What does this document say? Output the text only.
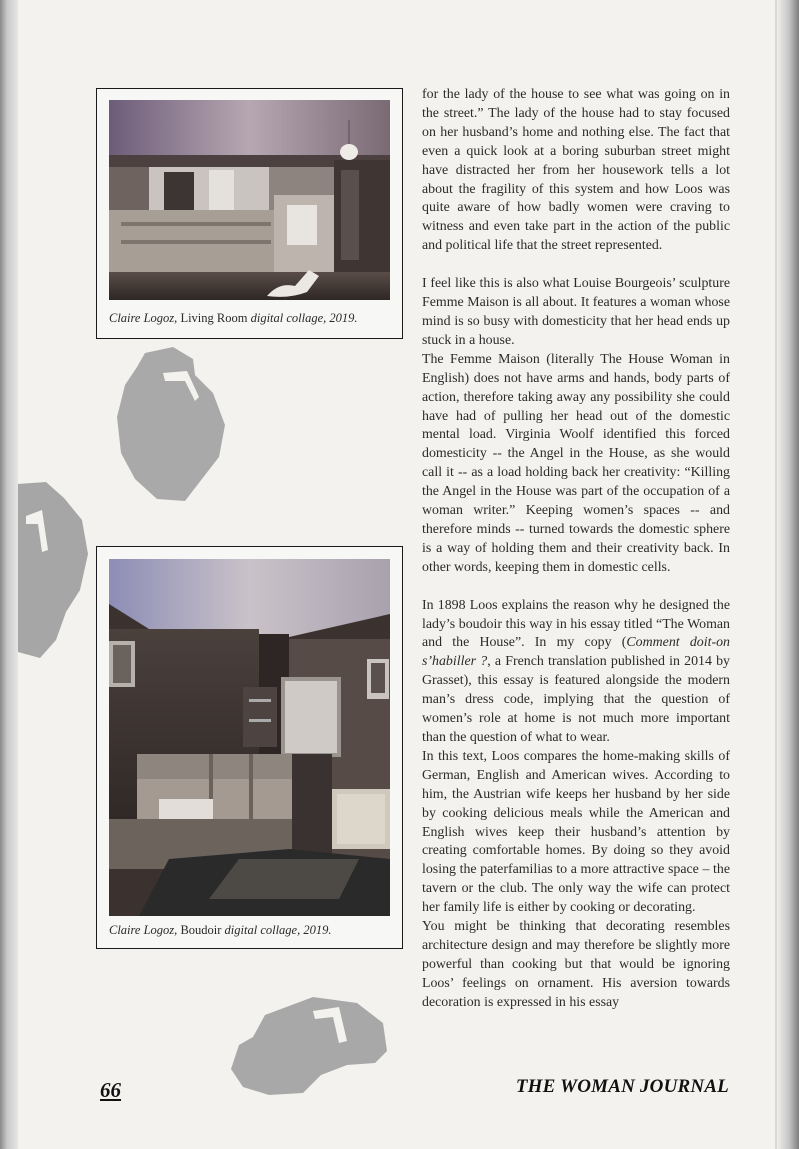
Claire Logoz, Living Room digital collage, 2019.
Claire Logoz, Boudoir digital collage, 2019.

for the lady of the house to see what was going on in the street.” The lady of the house had to stay focused on her husband’s home and nothing else. The fact that even a quick look at a boring suburban street might have distracted her from her housework tells a lot about the fragility of this system and how Loos was quite aware of how badly women were craving to witness and even take part in the action of the public and political life that the street represented.

I feel like this is also what Louise Bourgeois’ sculpture Femme Maison is all about. It features a woman whose mind is so busy with domesticity that her head ends up stuck in a house.

The Femme Maison (literally The House Woman in English) does not have arms and hands, body parts of action, therefore taking away any possibility she could have had of pulling her head out of the domestic mental load. Virginia Woolf identified this forced domesticity -- the Angel in the House, as she would call it -- as a load holding back her creativity: “Killing the Angel in the House was part of the occupation of a woman writer.” Keeping women’s spaces -- and therefore minds -- turned towards the domestic sphere is a way of holding them and their creativity back. In other words, keeping them in domestic cells.

In 1898 Loos explains the reason why he designed the lady’s boudoir this way in his essay titled “The Woman and the House”. In my copy (Comment doit-on s’habiller ?, a French translation published in 2014 by Grasset), this essay is featured alongside the modern man’s dress code, implying that the question of women’s role at home is not much more important than the question of what to wear.

In this text, Loos compares the home-making skills of German, English and American wives. According to him, the Austrian wife keeps her husband by her side by cooking delicious meals while the American and English wives keep their husband’s attention by creating comfortable homes. By doing so they avoid losing the paterfamilias to a more attractive space – the tavern or the club. The only way the wife can protect her family life is either by cooking or decorating.

You might be thinking that decorating resembles architecture design and may therefore be slightly more powerful than cooking but that would be ignoring Loos’ feelings on ornament. His aversion towards decoration is expressed in his essay

66	THE WOMAN JOURNAL
